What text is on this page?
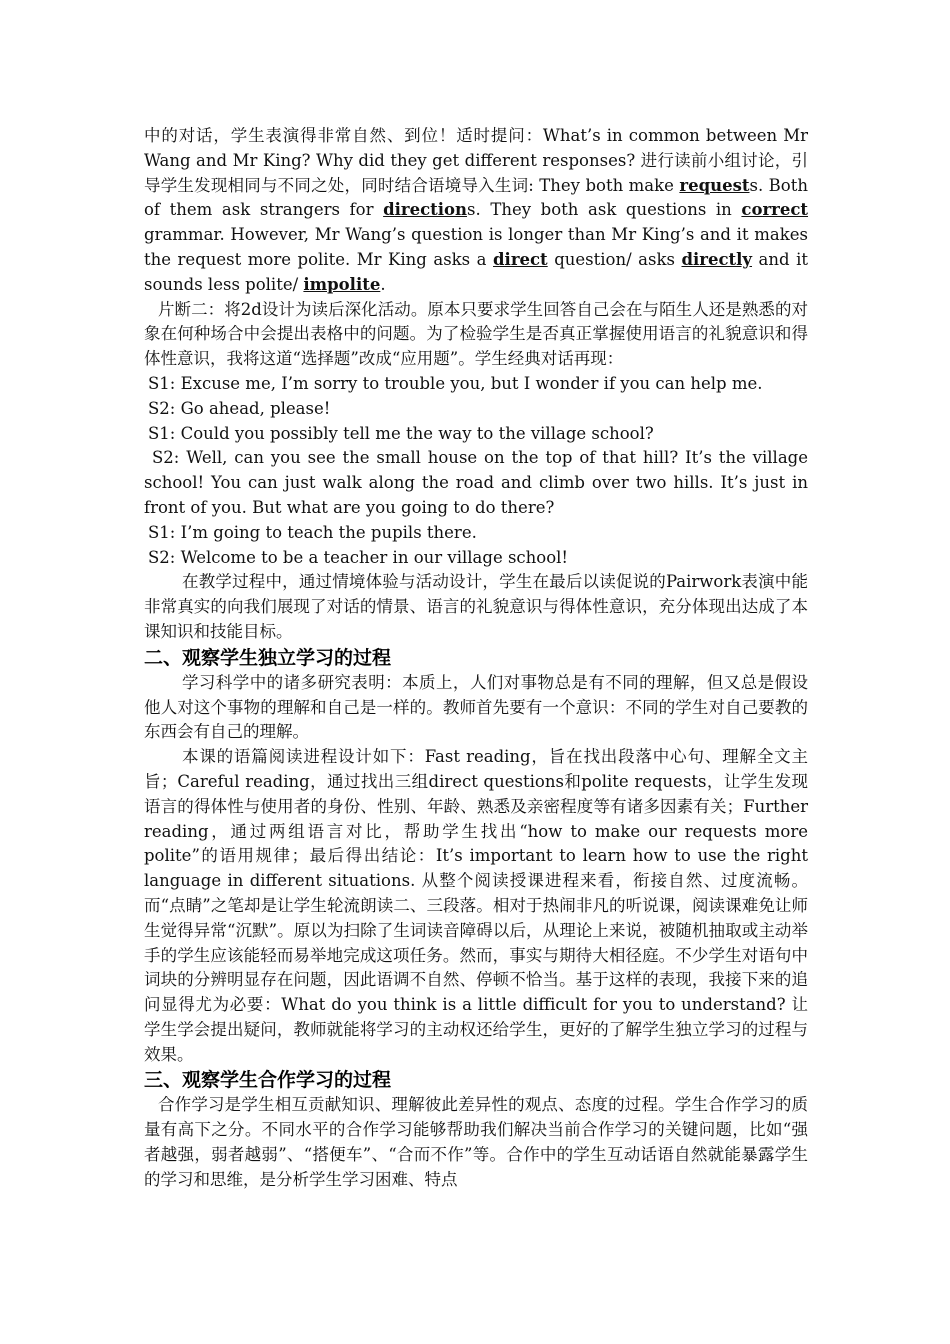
中的对话，学生表演得非常自然、到位！适时提问：What’s in common between Mr Wang and Mr King? Why did they get different responses? 进行读前小组讨论，引导学生发现相同与不同之处，同时结合语境导入生词: They both make requests. Both of them ask strangers for directions. They both ask questions in correct grammar. However, Mr Wang’s question is longer than Mr King’s and it makes the request more polite. Mr King asks a direct question/ asks directly and it sounds less polite/ impolite.

片断二：将2d设计为读后深化活动。原本只要求学生回答自己会在与陌生人还是熟悉的对象在何种场合中会提出表格中的问题。为了检验学生是否真正掌握使用语言的礼貌意识和得体性意识，我将这道“选择题”改成“应用题”。学生经典对话再现：

S1: Excuse me, I’m sorry to trouble you, but I wonder if you can help me.

S2: Go ahead, please!

S1: Could you possibly tell me the way to the village school?

S2: Well, can you see the small house on the top of that hill? It’s the village school! You can just walk along the road and climb over two hills. It’s just in front of you. But what are you going to do there?

S1: I’m going to teach the pupils there.

S2: Welcome to be a teacher in our village school!

在教学过程中，通过情境体验与活动设计，学生在最后以读促说的Pairwork表演中能非常真实的向我们展现了对话的情景、语言的礼貌意识与得体性意识，充分体现出达成了本课知识和技能目标。

二、观察学生独立学习的过程

学习科学中的诸多研究表明：本质上，人们对事物总是有不同的理解，但又总是假设他人对这个事物的理解和自己是一样的。教师首先要有一个意识：不同的学生对自己要教的东西会有自己的理解。

本课的语篇阅读进程设计如下：Fast reading，旨在找出段落中心句、理解全文主旨；Careful reading，通过找出三组direct questions和polite requests，让学生发现语言的得体性与使用者的身份、性别、年龄、熟悉及亲密程度等有诸多因素有关；Further reading，通过两组语言对比，帮助学生找出“how to make our requests more polite”的语用规律；最后得出结论：It’s important to learn how to use the right language in different situations. 从整个阅读授课进程来看，衔接自然、过度流畅。而“点睛”之笔却是让学生轮流朗读二、三段落。相对于热闹非凡的听说课，阅读课难免让师生觉得异常“沉默”。原以为扫除了生词读音障碍以后，从理论上来说，被随机抽取或主动举手的学生应该能轻而易举地完成这项任务。然而，事实与期待大相径庭。不少学生对语句中词块的分辨明显存在问题，因此语调不自然、停顿不恰当。基于这样的表现，我接下来的追问显得尤为必要：What do you think is a little difficult for you to understand? 让学生学会提出疑问，教师就能将学习的主动权还给学生，更好的了解学生独立学习的过程与效果。

三、观察学生合作学习的过程

合作学习是学生相互贡献知识、理解彼此差异性的观点、态度的过程。学生合作学习的质量有高下之分。不同水平的合作学习能够帮助我们解决当前合作学习的关键问题，比如“强者越强，弱者越弱”、“搭便车”、“合而不作”等。合作中的学生互动话语自然就能暴露学生的学习和思维，是分析学生学习困难、特点
